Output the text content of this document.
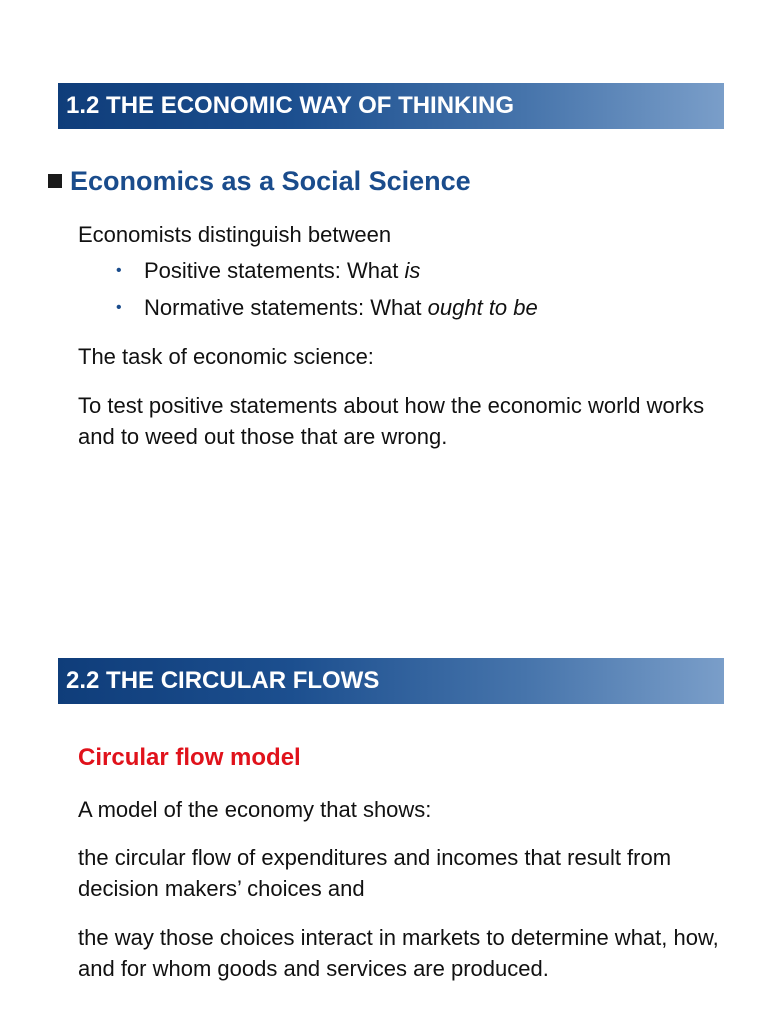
1.2 THE ECONOMIC WAY OF THINKING
Economics as a Social Science
Economists distinguish between
• Positive statements: What is
• Normative statements: What ought to be
The task of economic science:
To test positive statements about how the economic world works and to weed out those that are wrong.
2.2 THE CIRCULAR FLOWS
Circular flow model
A model of the economy that shows:
the circular flow of expenditures and incomes that result from decision makers’ choices and
the way those choices interact in markets to determine what, how, and for whom goods and services are produced.
